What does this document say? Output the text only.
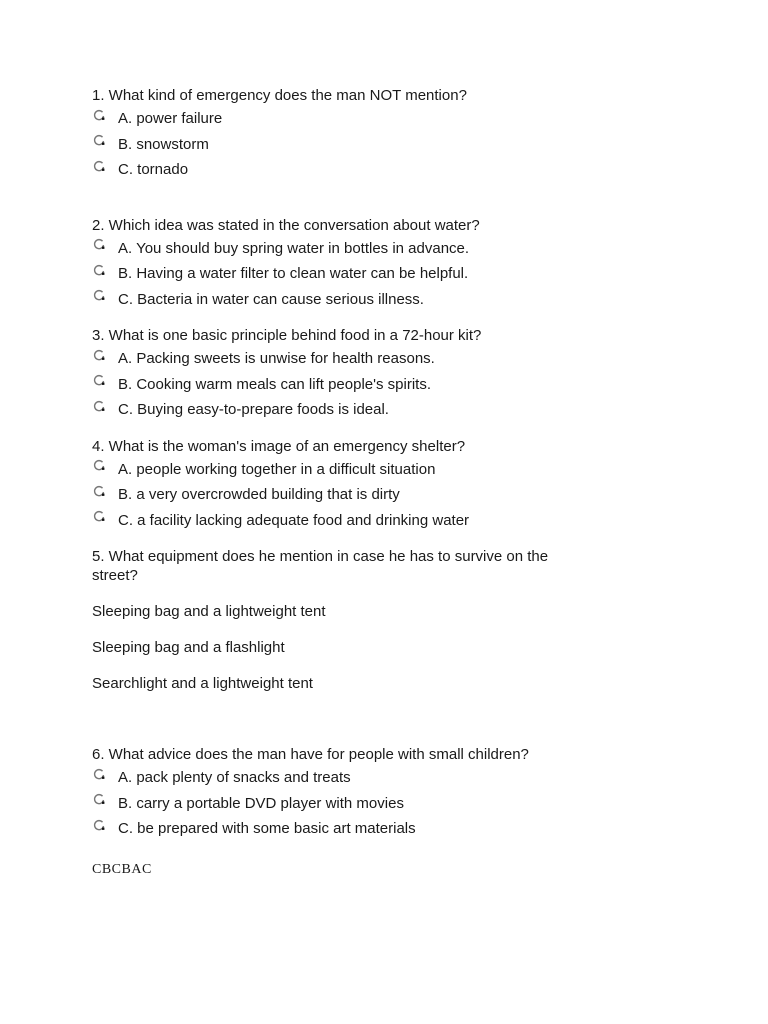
1. What kind of emergency does the man NOT mention?

A. power failure
B. snowstorm
C. tornado

2. Which idea was stated in the conversation about water?

A. You should buy spring water in bottles in advance.
B. Having a water filter to clean water can be helpful.
C. Bacteria in water can cause serious illness.

3. What is one basic principle behind food in a 72-hour kit?

A. Packing sweets is unwise for health reasons.
B. Cooking warm meals can lift people's spirits.
C. Buying easy-to-prepare foods is ideal.

4. What is the woman's image of an emergency shelter?

A. people working together in a difficult situation
B. a very overcrowded building that is dirty
C. a facility lacking adequate food and drinking water

5. What equipment does he mention in case he has to survive on the

street?

Sleeping bag and a lightweight tent

Sleeping bag and a flashlight

Searchlight and a lightweight tent

6. What advice does the man have for people with small children?

A. pack plenty of snacks and treats
B. carry a portable DVD player with movies
C. be prepared with some basic art materials

CBCBAC
